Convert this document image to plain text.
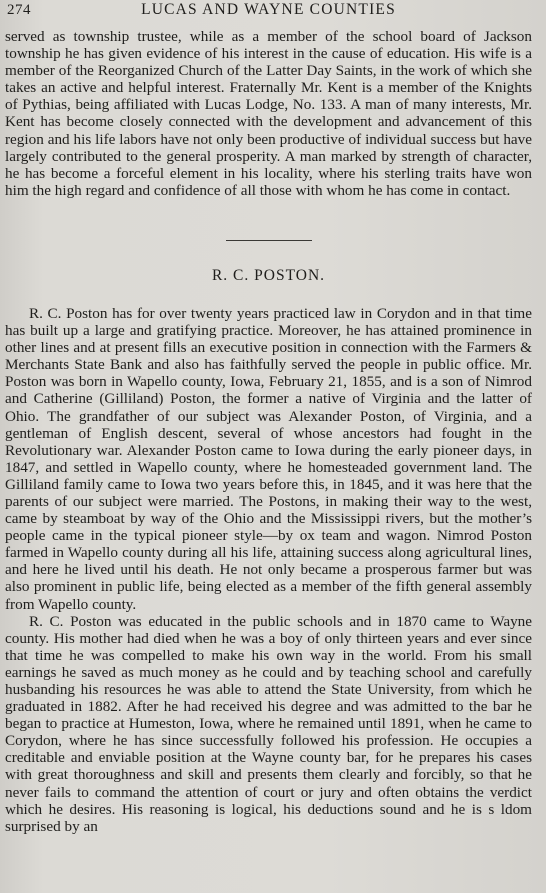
274	LUCAS AND WAYNE COUNTIES

served as township trustee, while as a member of the school board of Jackson township he has given evidence of his interest in the cause of education. His wife is a member of the Reorganized Church of the Latter Day Saints, in the work of which she takes an active and helpful interest. Fraternally Mr. Kent is a member of the Knights of Pythias, being affiliated with Lucas Lodge, No. 133. A man of many interests, Mr. Kent has become closely connected with the development and advancement of this region and his life labors have not only been productive of individual success but have largely contributed to the general prosperity. A man marked by strength of character, he has become a forceful element in his locality, where his sterling traits have won him the high regard and confidence of all those with whom he has come in contact.

R. C. POSTON.

R. C. Poston has for over twenty years practiced law in Corydon and in that time has built up a large and gratifying practice. Moreover, he has attained prominence in other lines and at present fills an executive position in connection with the Farmers & Merchants State Bank and also has faithfully served the people in public office. Mr. Poston was born in Wapello county, Iowa, February 21, 1855, and is a son of Nimrod and Catherine (Gilliland) Poston, the former a native of Virginia and the latter of Ohio. The grandfather of our subject was Alexander Poston, of Virginia, and a gentleman of English descent, several of whose ancestors had fought in the Revolutionary war. Alexander Poston came to Iowa during the early pioneer days, in 1847, and settled in Wapello county, where he homesteaded government land. The Gilliland family came to Iowa two years before this, in 1845, and it was here that the parents of our subject were married. The Postons, in making their way to the west, came by steamboat by way of the Ohio and the Mississippi rivers, but the mother’s people came in the typical pioneer style—by ox team and wagon. Nimrod Poston farmed in Wapello county during all his life, attaining success along agricultural lines, and here he lived until his death. He not only became a prosperous farmer but was also prominent in public life, being elected as a member of the fifth general assembly from Wapello county.

R. C. Poston was educated in the public schools and in 1870 came to Wayne county. His mother had died when he was a boy of only thirteen years and ever since that time he was compelled to make his own way in the world. From his small earnings he saved as much money as he could and by teaching school and carefully husbanding his resources he was able to attend the State University, from which he graduated in 1882. After he had received his degree and was admitted to the bar he began to practice at Humeston, Iowa, where he remained until 1891, when he came to Corydon, where he has since successfully followed his profession. He occupies a creditable and enviable position at the Wayne county bar, for he prepares his cases with great thoroughness and skill and presents them clearly and forcibly, so that he never fails to command the attention of court or jury and often obtains the verdict which he desires. His reasoning is logical, his deductions sound and he is s ldom surprised by an
